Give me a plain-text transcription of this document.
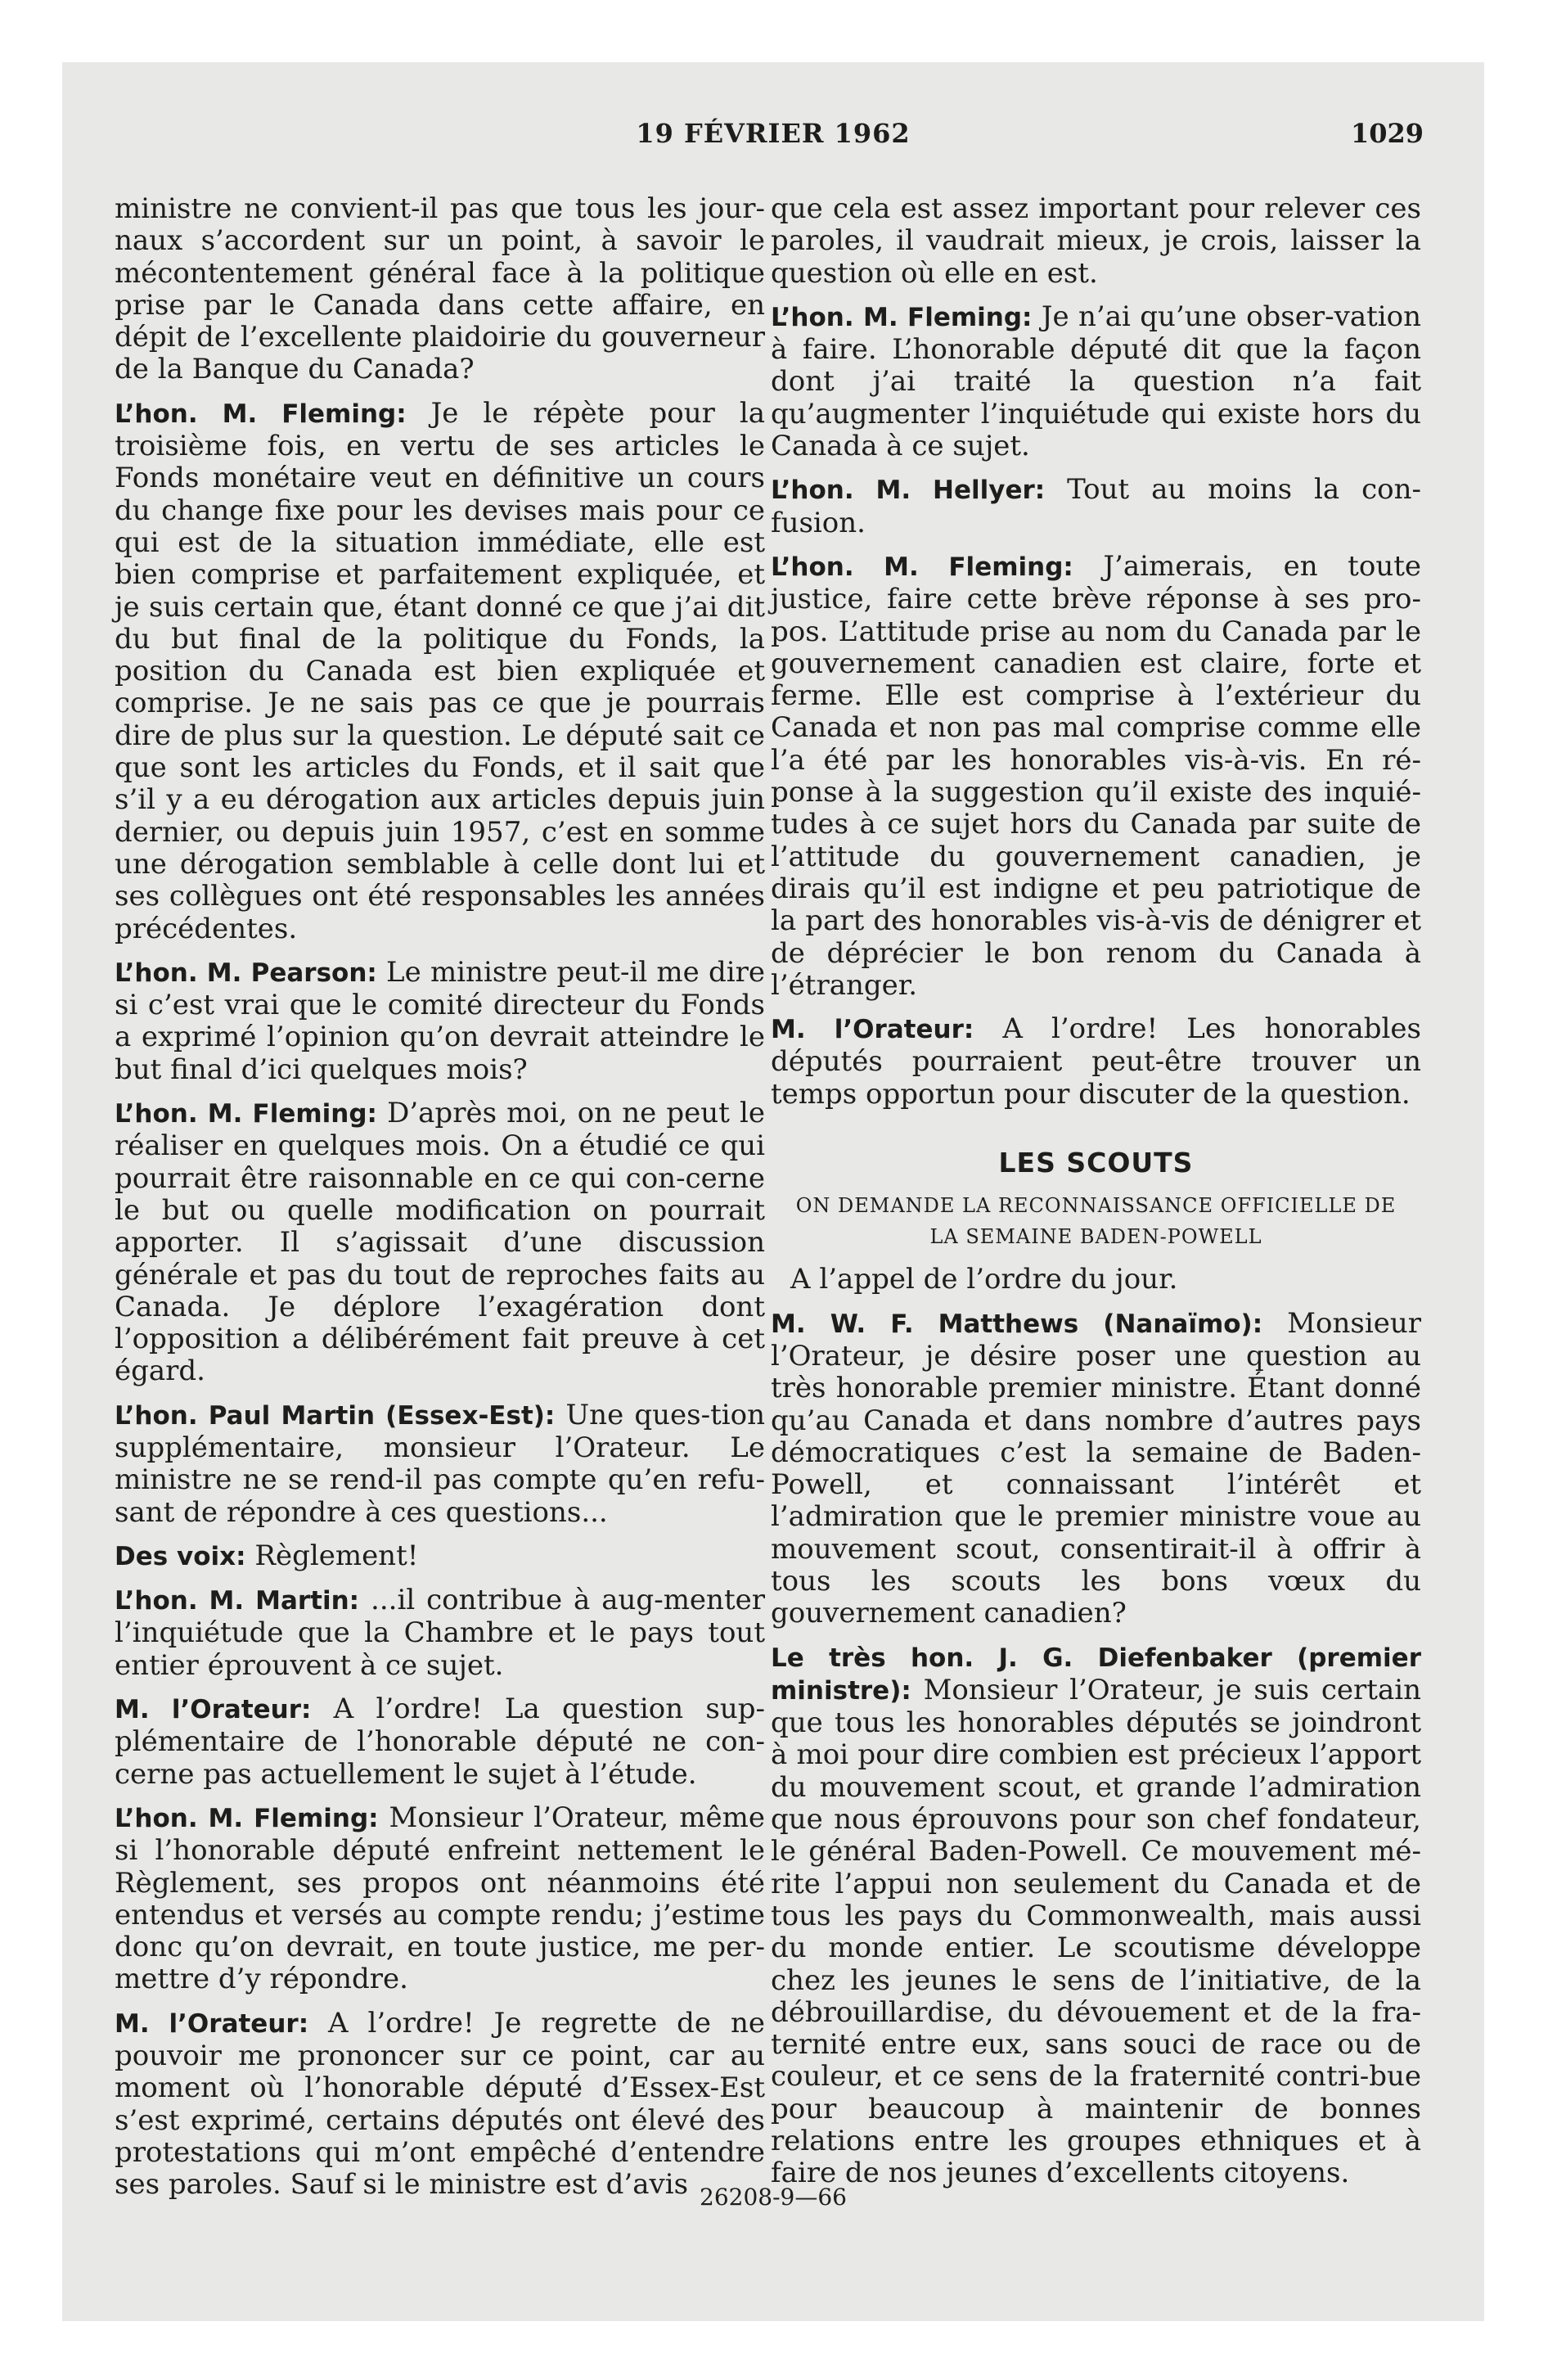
19 FÉVRIER 1962	1029

ministre ne convient-il pas que tous les jour-naux s’accordent sur un point, à savoir le mécontentement général face à la politique prise par le Canada dans cette affaire, en dépit de l’excellente plaidoirie du gouverneur de la Banque du Canada?

L’hon. M. Fleming: Je le répète pour la troisième fois, en vertu de ses articles le Fonds monétaire veut en définitive un cours du change fixe pour les devises mais pour ce qui est de la situation immédiate, elle est bien comprise et parfaitement expliquée, et je suis certain que, étant donné ce que j’ai dit du but final de la politique du Fonds, la position du Canada est bien expliquée et comprise. Je ne sais pas ce que je pourrais dire de plus sur la question. Le député sait ce que sont les articles du Fonds, et il sait que s’il y a eu dérogation aux articles depuis juin dernier, ou depuis juin 1957, c’est en somme une dérogation semblable à celle dont lui et ses collègues ont été responsables les années précédentes.

L’hon. M. Pearson: Le ministre peut-il me dire si c’est vrai que le comité directeur du Fonds a exprimé l’opinion qu’on devrait atteindre le but final d’ici quelques mois?

L’hon. M. Fleming: D’après moi, on ne peut le réaliser en quelques mois. On a étudié ce qui pourrait être raisonnable en ce qui con-cerne le but ou quelle modification on pourrait apporter. Il s’agissait d’une discussion générale et pas du tout de reproches faits au Canada. Je déplore l’exagération dont l’opposition a délibérément fait preuve à cet égard.

L’hon. Paul Martin (Essex-Est): Une ques-tion supplémentaire, monsieur l’Orateur. Le ministre ne se rend-il pas compte qu’en refu-sant de répondre à ces questions...

Des voix: Règlement!

L’hon. M. Martin: ...il contribue à aug-menter l’inquiétude que la Chambre et le pays tout entier éprouvent à ce sujet.

M. l’Orateur: A l’ordre! La question sup-plémentaire de l’honorable député ne con-cerne pas actuellement le sujet à l’étude.

L’hon. M. Fleming: Monsieur l’Orateur, même si l’honorable député enfreint nettement le Règlement, ses propos ont néanmoins été entendus et versés au compte rendu; j’estime donc qu’on devrait, en toute justice, me per-mettre d’y répondre.

M. l’Orateur: A l’ordre! Je regrette de ne pouvoir me prononcer sur ce point, car au moment où l’honorable député d’Essex-Est s’est exprimé, certains députés ont élevé des protestations qui m’ont empêché d’entendre ses paroles. Sauf si le ministre est d’avis

que cela est assez important pour relever ces paroles, il vaudrait mieux, je crois, laisser la question où elle en est.

L’hon. M. Fleming: Je n’ai qu’une obser-vation à faire. L’honorable député dit que la façon dont j’ai traité la question n’a fait qu’augmenter l’inquiétude qui existe hors du Canada à ce sujet.

L’hon. M. Hellyer: Tout au moins la con-fusion.

L’hon. M. Fleming: J’aimerais, en toute justice, faire cette brève réponse à ses pro-pos. L’attitude prise au nom du Canada par le gouvernement canadien est claire, forte et ferme. Elle est comprise à l’extérieur du Canada et non pas mal comprise comme elle l’a été par les honorables vis-à-vis. En ré-ponse à la suggestion qu’il existe des inquié-tudes à ce sujet hors du Canada par suite de l’attitude du gouvernement canadien, je dirais qu’il est indigne et peu patriotique de la part des honorables vis-à-vis de dénigrer et de déprécier le bon renom du Canada à l’étranger.

M. l’Orateur: A l’ordre! Les honorables députés pourraient peut-être trouver un temps opportun pour discuter de la question.

LES SCOUTS
ON DEMANDE LA RECONNAISSANCE OFFICIELLE DE
LA SEMAINE BADEN-POWELL

A l’appel de l’ordre du jour.

M. W. F. Matthews (Nanaïmo): Monsieur l’Orateur, je désire poser une question au très honorable premier ministre. Étant donné qu’au Canada et dans nombre d’autres pays démocratiques c’est la semaine de Baden-Powell, et connaissant l’intérêt et l’admiration que le premier ministre voue au mouvement scout, consentirait-il à offrir à tous les scouts les bons vœux du gouvernement canadien?

Le très hon. J. G. Diefenbaker (premier ministre): Monsieur l’Orateur, je suis certain que tous les honorables députés se joindront à moi pour dire combien est précieux l’apport du mouvement scout, et grande l’admiration que nous éprouvons pour son chef fondateur, le général Baden-Powell. Ce mouvement mé-rite l’appui non seulement du Canada et de tous les pays du Commonwealth, mais aussi du monde entier. Le scoutisme développe chez les jeunes le sens de l’initiative, de la débrouillardise, du dévouement et de la fra-ternité entre eux, sans souci de race ou de couleur, et ce sens de la fraternité contri-bue pour beaucoup à maintenir de bonnes relations entre les groupes ethniques et à faire de nos jeunes d’excellents citoyens.

26208-9—66
